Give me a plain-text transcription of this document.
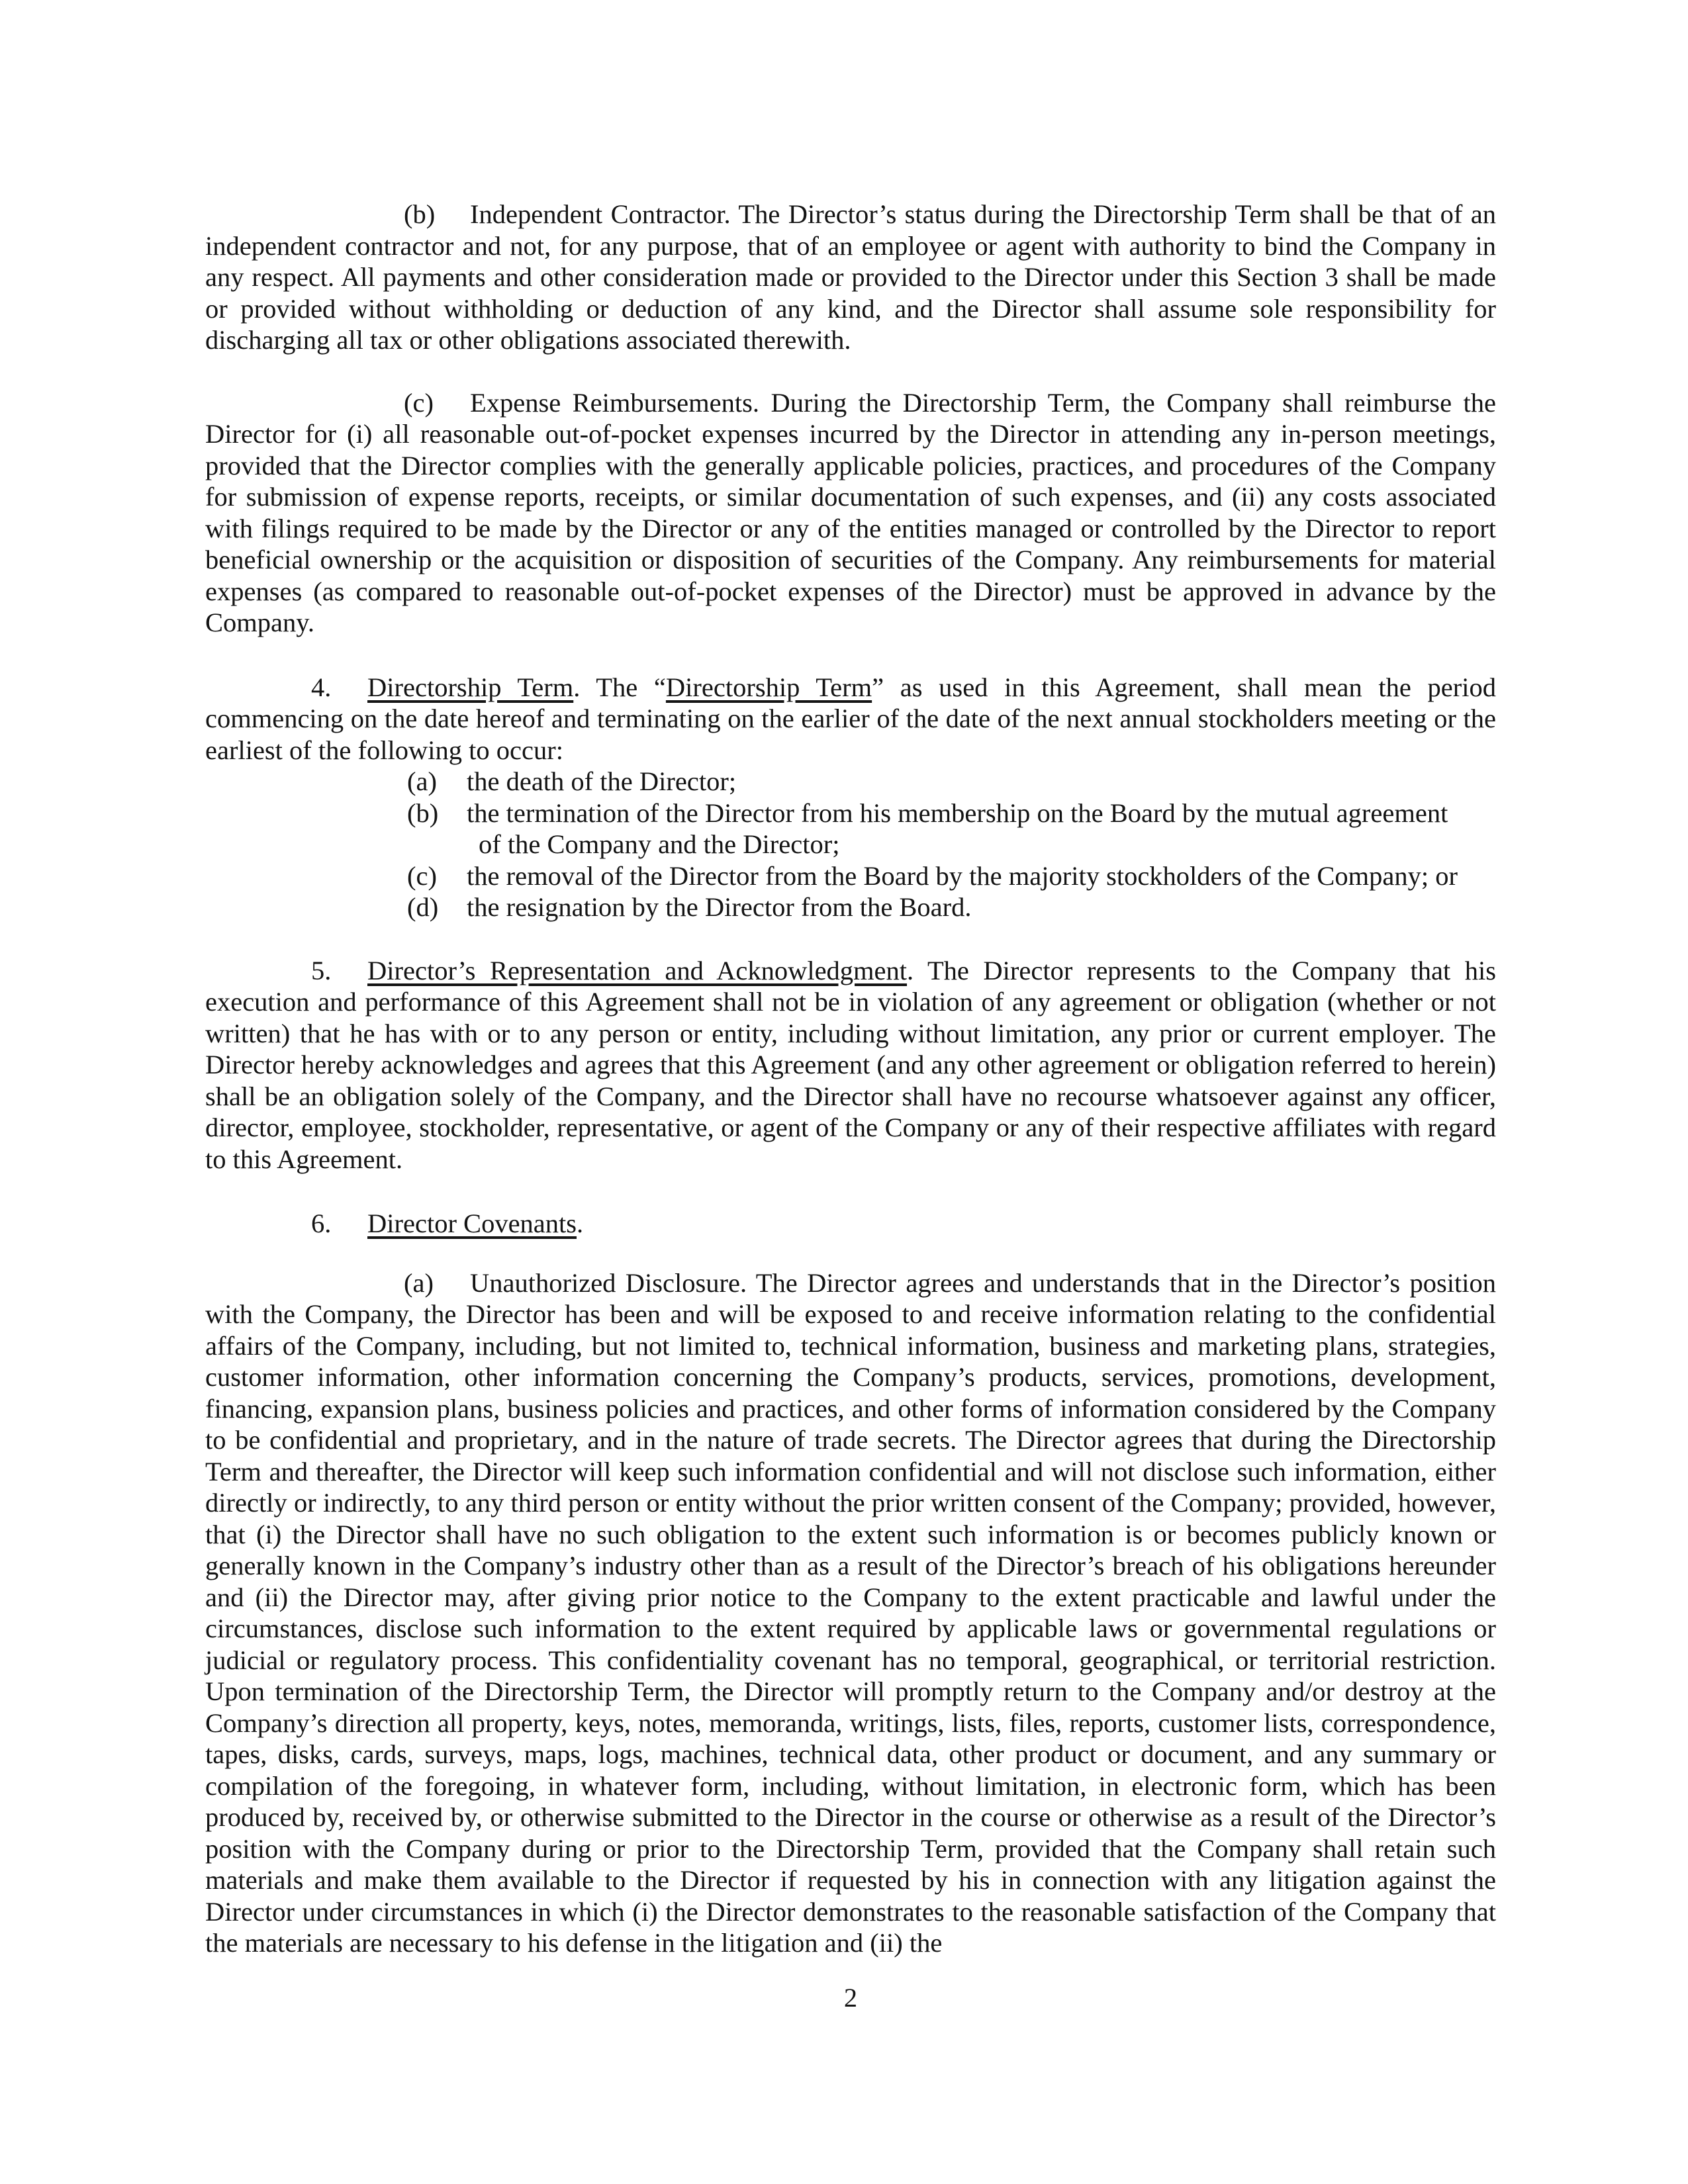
(b) Independent Contractor. The Director’s status during the Directorship Term shall be that of an independent contractor and not, for any purpose, that of an employee or agent with authority to bind the Company in any respect. All payments and other consideration made or provided to the Director under this Section 3 shall be made or provided without withholding or deduction of any kind, and the Director shall assume sole responsibility for discharging all tax or other obligations associated therewith.

(c) Expense Reimbursements. During the Directorship Term, the Company shall reimburse the Director for (i) all reasonable out-of-pocket expenses incurred by the Director in attending any in-person meetings, provided that the Director complies with the generally applicable policies, practices, and procedures of the Company for submission of expense reports, receipts, or similar documentation of such expenses, and (ii) any costs associated with filings required to be made by the Director or any of the entities managed or controlled by the Director to report beneficial ownership or the acquisition or disposition of securities of the Company. Any reimbursements for material expenses (as compared to reasonable out-of-pocket expenses of the Director) must be approved in advance by the Company.

4. Directorship Term. The “Directorship Term” as used in this Agreement, shall mean the period commencing on the date hereof and terminating on the earlier of the date of the next annual stockholders meeting or the earliest of the following to occur:

(a) the death of the Director;
(b) the termination of the Director from his membership on the Board by the mutual agreement
of the Company and the Director;
(c) the removal of the Director from the Board by the majority stockholders of the Company; or
(d) the resignation by the Director from the Board.

5. Director’s Representation and Acknowledgment. The Director represents to the Company that his execution and performance of this Agreement shall not be in violation of any agreement or obligation (whether or not written) that he has with or to any person or entity, including without limitation, any prior or current employer. The Director hereby acknowledges and agrees that this Agreement (and any other agreement or obligation referred to herein) shall be an obligation solely of the Company, and the Director shall have no recourse whatsoever against any officer, director, employee, stockholder, representative, or agent of the Company or any of their respective affiliates with regard to this Agreement.

6. Director Covenants.

(a) Unauthorized Disclosure. The Director agrees and understands that in the Director’s position with the Company, the Director has been and will be exposed to and receive information relating to the confidential affairs of the Company, including, but not limited to, technical information, business and marketing plans, strategies, customer information, other information concerning the Company’s products, services, promotions, development, financing, expansion plans, business policies and practices, and other forms of information considered by the Company to be confidential and proprietary, and in the nature of trade secrets. The Director agrees that during the Directorship Term and thereafter, the Director will keep such information confidential and will not disclose such information, either directly or indirectly, to any third person or entity without the prior written consent of the Company; provided, however, that (i) the Director shall have no such obligation to the extent such information is or becomes publicly known or generally known in the Company’s industry other than as a result of the Director’s breach of his obligations hereunder and (ii) the Director may, after giving prior notice to the Company to the extent practicable and lawful under the circumstances, disclose such information to the extent required by applicable laws or governmental regulations or judicial or regulatory process. This confidentiality covenant has no temporal, geographical, or territorial restriction. Upon termination of the Directorship Term, the Director will promptly return to the Company and/or destroy at the Company’s direction all property, keys, notes, memoranda, writings, lists, files, reports, customer lists, correspondence, tapes, disks, cards, surveys, maps, logs, machines, technical data, other product or document, and any summary or compilation of the foregoing, in whatever form, including, without limitation, in electronic form, which has been produced by, received by, or otherwise submitted to the Director in the course or otherwise as a result of the Director’s position with the Company during or prior to the Directorship Term, provided that the Company shall retain such materials and make them available to the Director if requested by his in connection with any litigation against the Director under circumstances in which (i) the Director demonstrates to the reasonable satisfaction of the Company that the materials are necessary to his defense in the litigation and (ii) the

2
